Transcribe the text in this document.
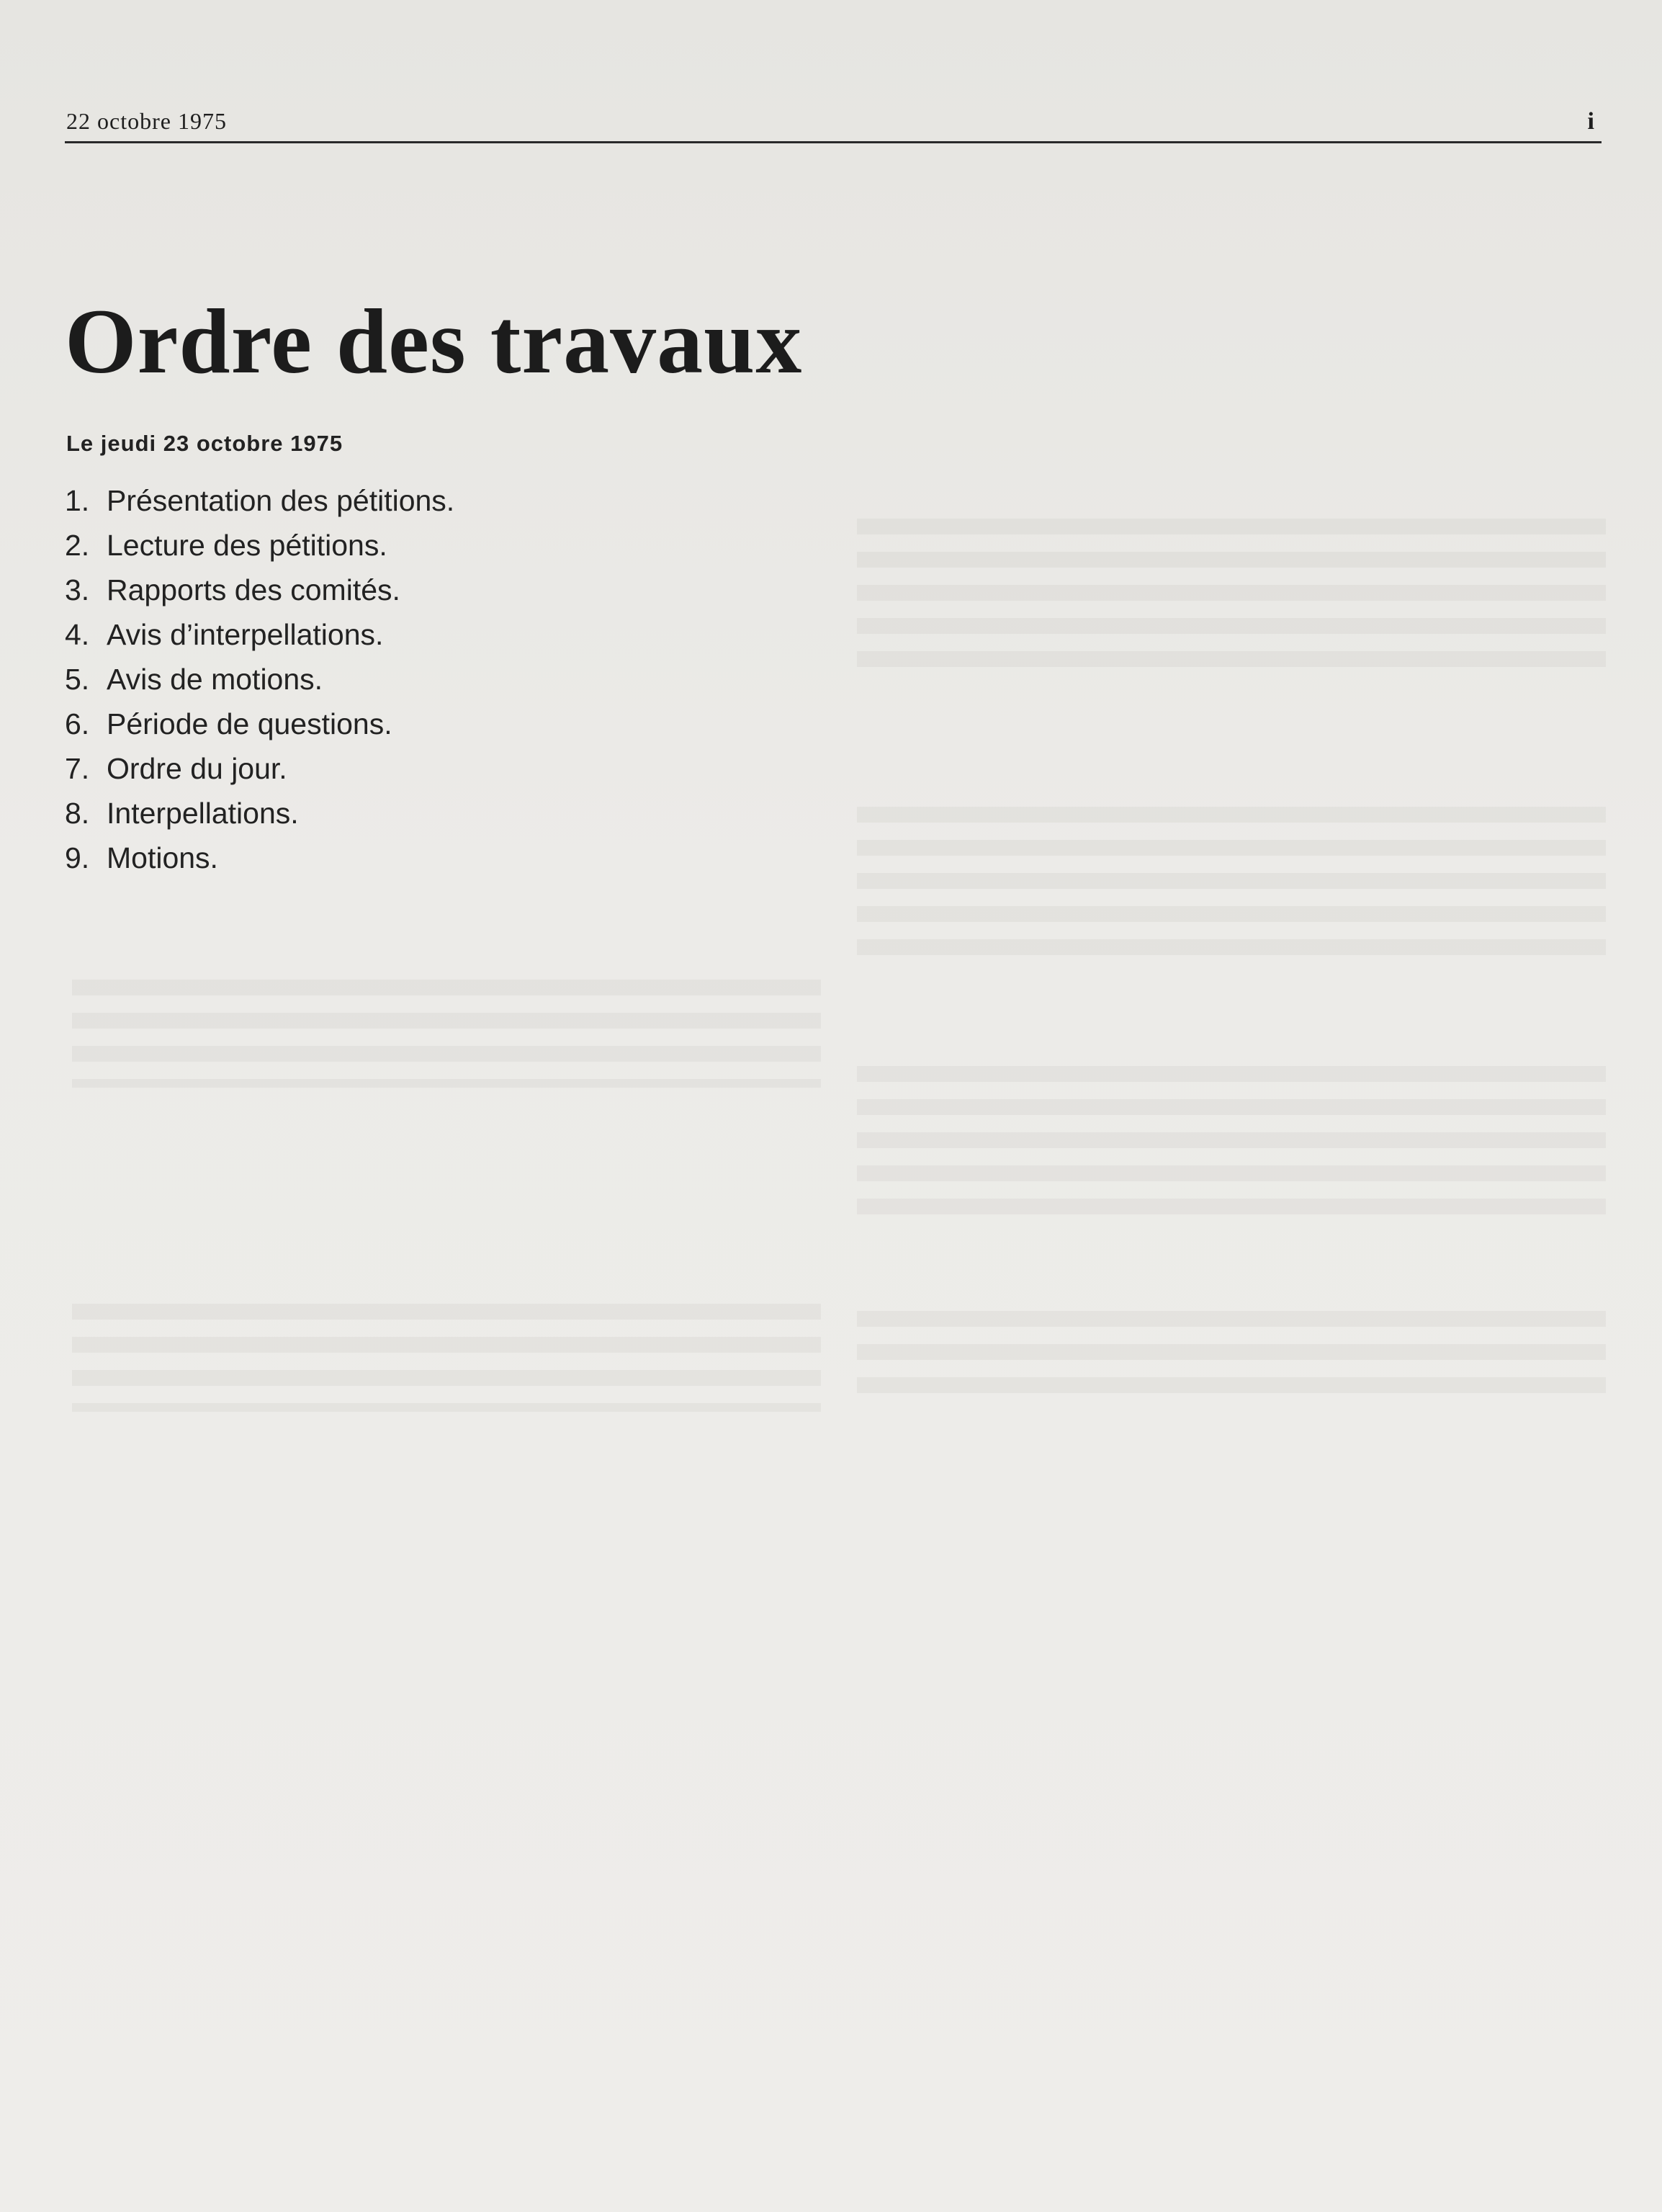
22 octobre 1975	i
Ordre des travaux
Le jeudi 23 octobre 1975
1. Présentation des pétitions.
2. Lecture des pétitions.
3. Rapports des comités.
4. Avis d’interpellations.
5. Avis de motions.
6. Période de questions.
7. Ordre du jour.
8. Interpellations.
9. Motions.
